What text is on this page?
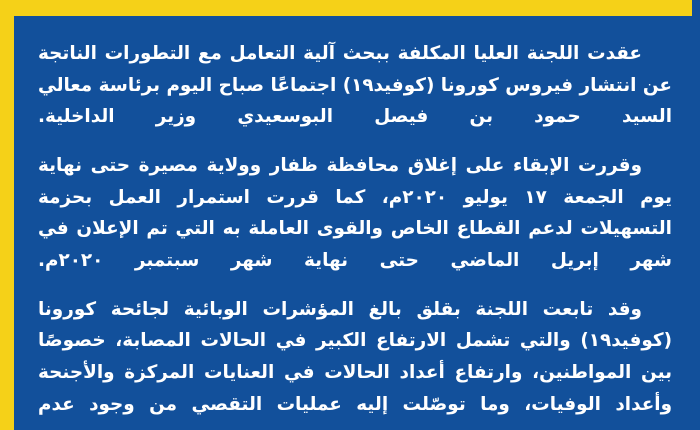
عقدت اللجنة العليا المكلفة ببحث آلية التعامل مع التطورات الناتجة عن انتشار فيروس كورونا (كوفيد١٩) اجتماعًا صباح اليوم برئاسة معالي السيد حمود بن فيصل البوسعيدي وزير الداخلية.

وقررت الإبقاء على إغلاق محافظة ظفار وولاية مصيرة حتى نهاية يوم الجمعة ١٧ يوليو ٢٠٢٠م، كما قررت استمرار العمل بحزمة التسهيلات لدعم القطاع الخاص والقوى العاملة به التي تم الإعلان في شهر إبريل الماضي حتى نهاية شهر سبتمبر ٢٠٢٠م.

وقد تابعت اللجنة بقلق بالغ المؤشرات الوبائية لجائحة كورونا (كوفيد١٩) والتي تشمل الارتفاع الكبير في الحالات المصابة، خصوصًا بين المواطنين، وارتفاع أعداد الحالات في العنايات المركزة والأجنحة وأعداد الوفيات، وما توصّلت إليه عمليات التقصي من وجود عدم
